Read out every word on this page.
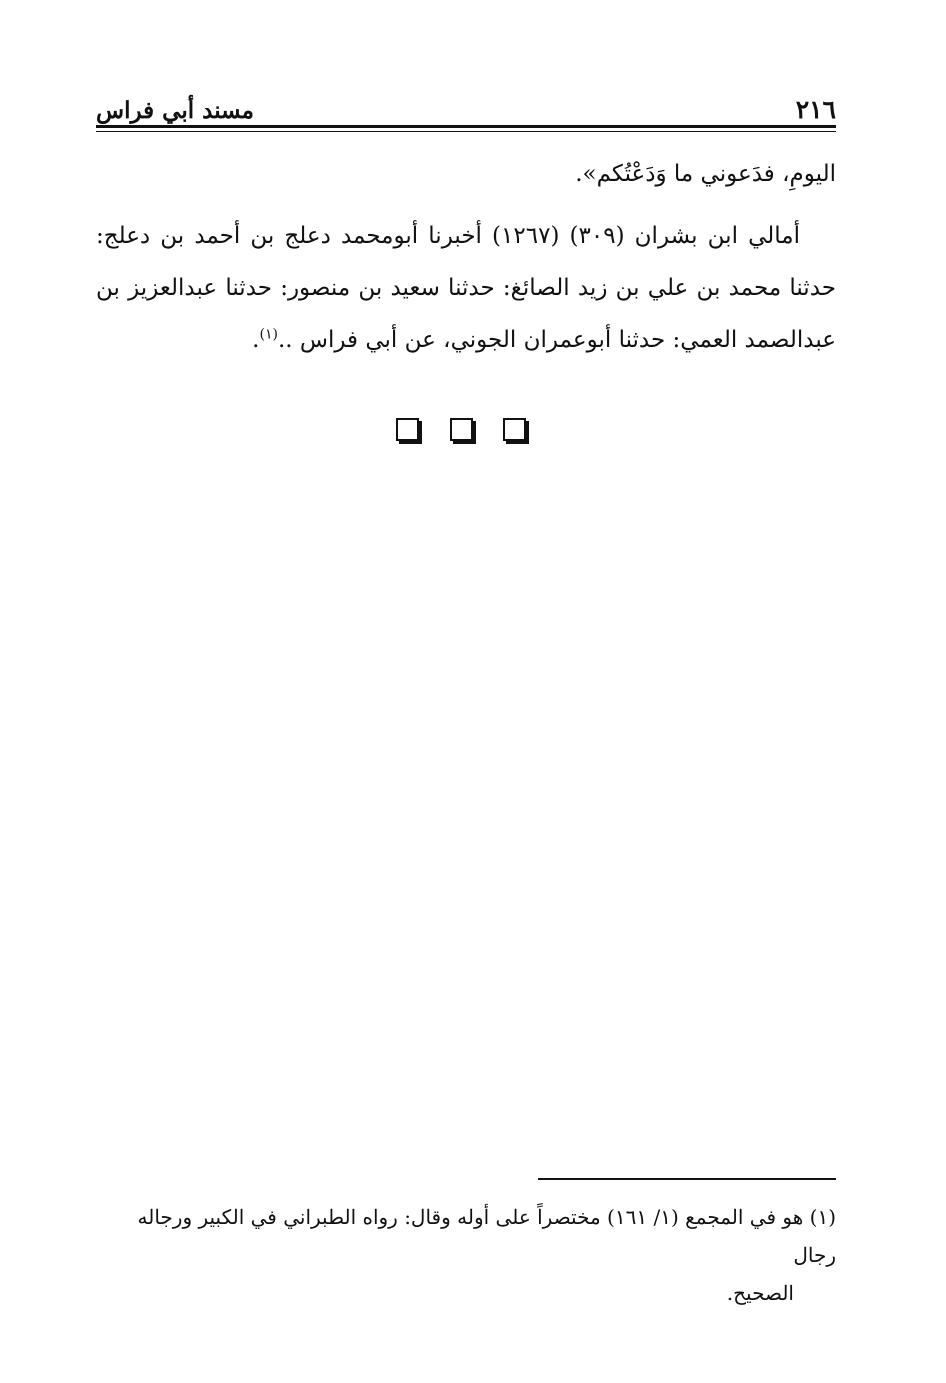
مسند أبي فراس	٢١٦

اليومِ، فدَعوني ما وَدَعْتُكم».

أمالي ابن بشران (٣٠٩) (١٢٦٧) أخبرنا أبومحمد دعلج بن أحمد بن دعلج: حدثنا محمد بن علي بن زيد الصائغ: حدثنا سعيد بن منصور: حدثنا عبدالعزيز بن عبدالصمد العمي: حدثنا أبوعمران الجوني، عن أبي فراس ..$^{(١)}$.

(١) هو في المجمع (١/ ١٦١) مختصراً على أوله وقال: رواه الطبراني في الكبير ورجاله رجال

الصحيح.
